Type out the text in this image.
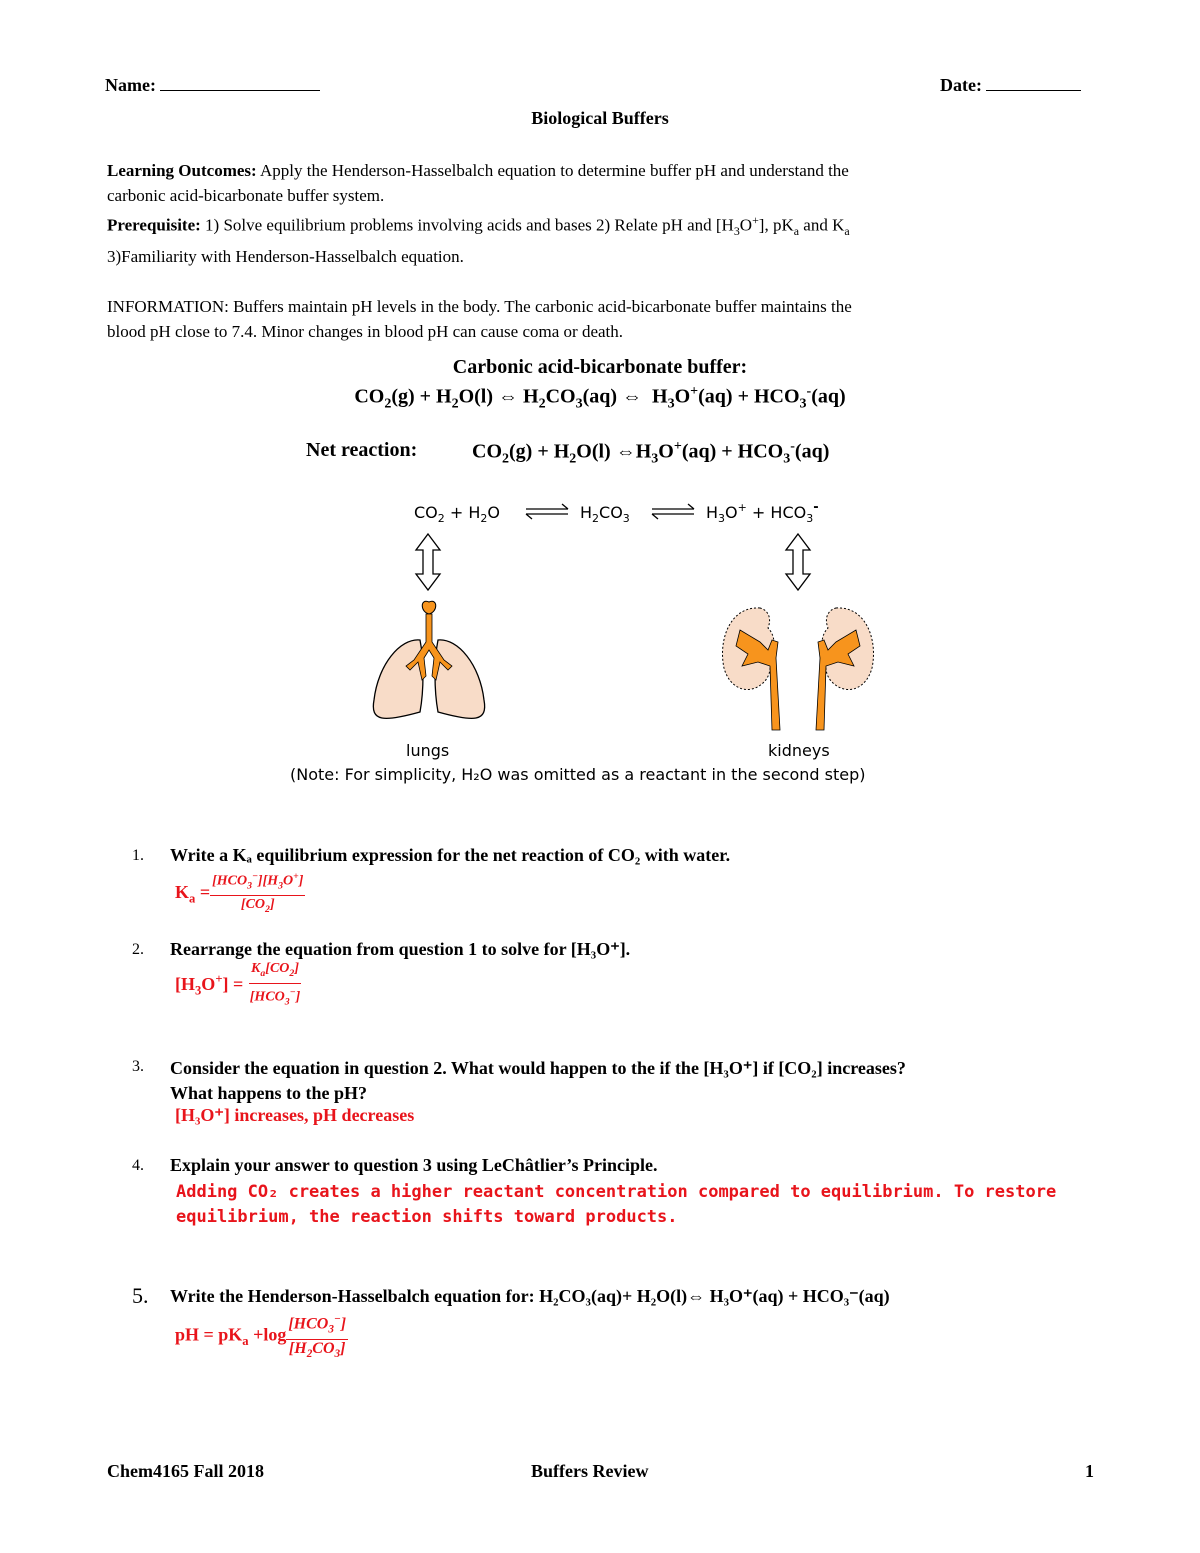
Name:	Date:
Biological Buffers
Learning Outcomes: Apply the Henderson-Hasselbalch equation to determine buffer pH and understand the
carbonic acid-bicarbonate buffer system.
Prerequisite: 1) Solve equilibrium problems involving acids and bases 2) Relate pH and $[H_3O^+]$, $pK_a$ and $K_a$
3)Familiarity with Henderson-Hasselbalch equation.
INFORMATION: Buffers maintain pH levels in the body. The carbonic acid-bicarbonate buffer maintains the
blood pH close to 7.4. Minor changes in blood pH can cause coma or death.
Carbonic acid-bicarbonate buffer:
$CO_2(g) + H_2O(l)$ ⇔ $H_2CO_3(aq)$ ⇔  $H_3O^+(aq) + HCO_3^-(aq)$
Net reaction:	$CO_2(g) + H_2O(l)$ $\Leftrightarrow H_3O^+(aq) + HCO_3^-(aq)$
$CO_2 + H_2O$	$H_2CO_3$	$H_3O^+ + HCO_3^-$
lungs	kidneys
(Note: For simplicity, H₂O was omitted as a reactant in the second step)
1. Write a Kₐ equilibrium expression for the net reaction of CO₂ with water.
$K_a = \frac{[HCO_3^-][H_3O^+]}{[CO_2]}$
2. Rearrange the equation from question 1 to solve for [H₃O⁺].
$[H_3O^+] = \frac{K_a[CO_2]}{[HCO_3^-]}$
3. Consider the equation in question 2. What would happen to the if the [H₃O⁺] if [CO₂] increases?
What happens to the pH?
[H₃O⁺] increases, pH decreases
4. Explain your answer to question 3 using LeChâtlier’s Principle.
Adding CO₂ creates a higher reactant concentration compared to equilibrium. To restore
equilibrium, the reaction shifts toward products.
5. Write the Henderson-Hasselbalch equation for: H₂CO₃(aq)+ H₂O(l)⇔ H₃O⁺(aq) + HCO₃⁻(aq)
pH = $pK_a +\log \frac{[HCO_3^-]}{[H_2CO_3]}$
Chem4165 Fall 2018	Buffers Review	1
